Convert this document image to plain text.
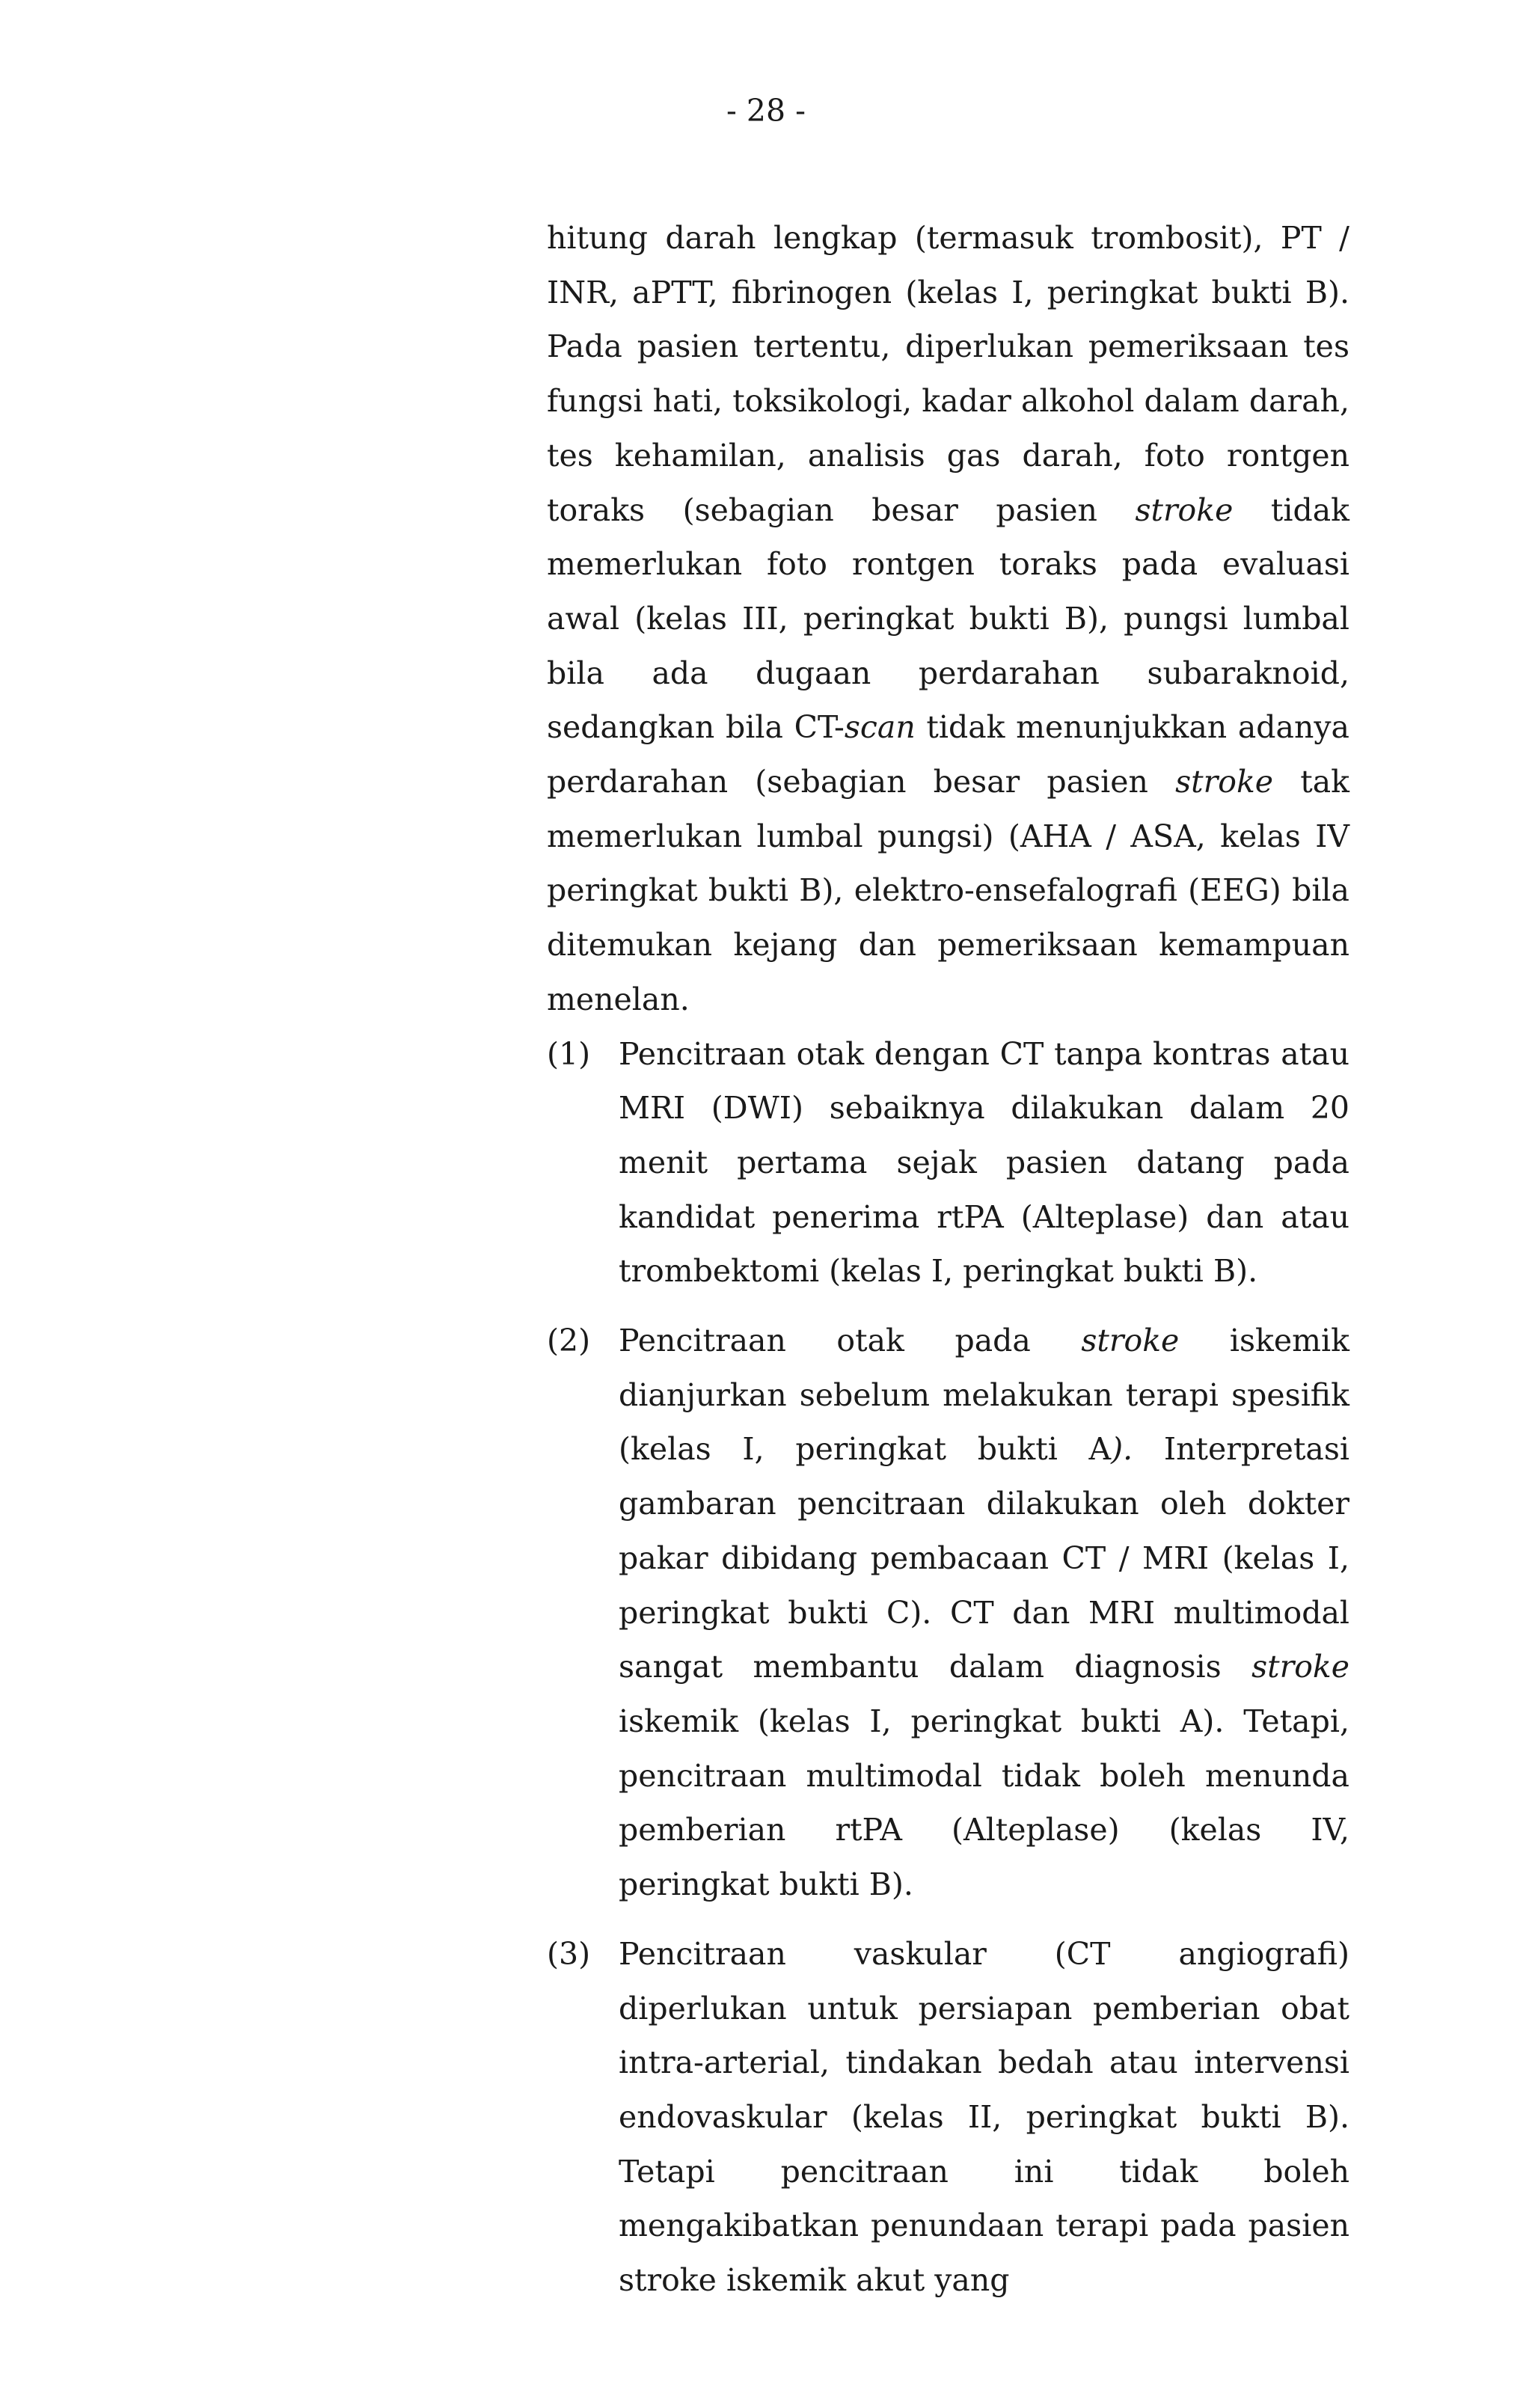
- 28 -

hitung darah lengkap (termasuk trombosit), PT / INR, aPTT, fibrinogen (kelas I, peringkat bukti B). Pada pasien tertentu, diperlukan pemeriksaan tes fungsi hati, toksikologi, kadar alkohol dalam darah, tes kehamilan, analisis gas darah, foto rontgen toraks (sebagian besar pasien stroke tidak memerlukan foto rontgen toraks pada evaluasi awal (kelas III, peringkat bukti B), pungsi lumbal bila ada dugaan perdarahan subaraknoid, sedangkan bila CT-scan tidak menunjukkan adanya perdarahan (sebagian besar pasien stroke tak memerlukan lumbal pungsi) (AHA / ASA, kelas IV peringkat bukti B), elektro-ensefalografi (EEG) bila ditemukan kejang dan pemeriksaan kemampuan menelan.

(1) Pencitraan otak dengan CT tanpa kontras atau MRI (DWI) sebaiknya dilakukan dalam 20 menit pertama sejak pasien datang pada kandidat penerima rtPA (Alteplase) dan atau trombektomi (kelas I, peringkat bukti B).
(2) Pencitraan otak pada stroke iskemik dianjurkan sebelum melakukan terapi spesifik (kelas I, peringkat bukti A). Interpretasi gambaran pencitraan dilakukan oleh dokter pakar dibidang pembacaan CT / MRI (kelas I, peringkat bukti C). CT dan MRI multimodal sangat membantu dalam diagnosis stroke iskemik (kelas I, peringkat bukti A). Tetapi, pencitraan multimodal tidak boleh menunda pemberian rtPA (Alteplase) (kelas IV, peringkat bukti B).
(3) Pencitraan vaskular (CT angiografi) diperlukan untuk persiapan pemberian obat intra-arterial, tindakan bedah atau intervensi endovaskular (kelas II, peringkat bukti B). Tetapi pencitraan ini tidak boleh mengakibatkan penundaan terapi pada pasien stroke iskemik akut yang
